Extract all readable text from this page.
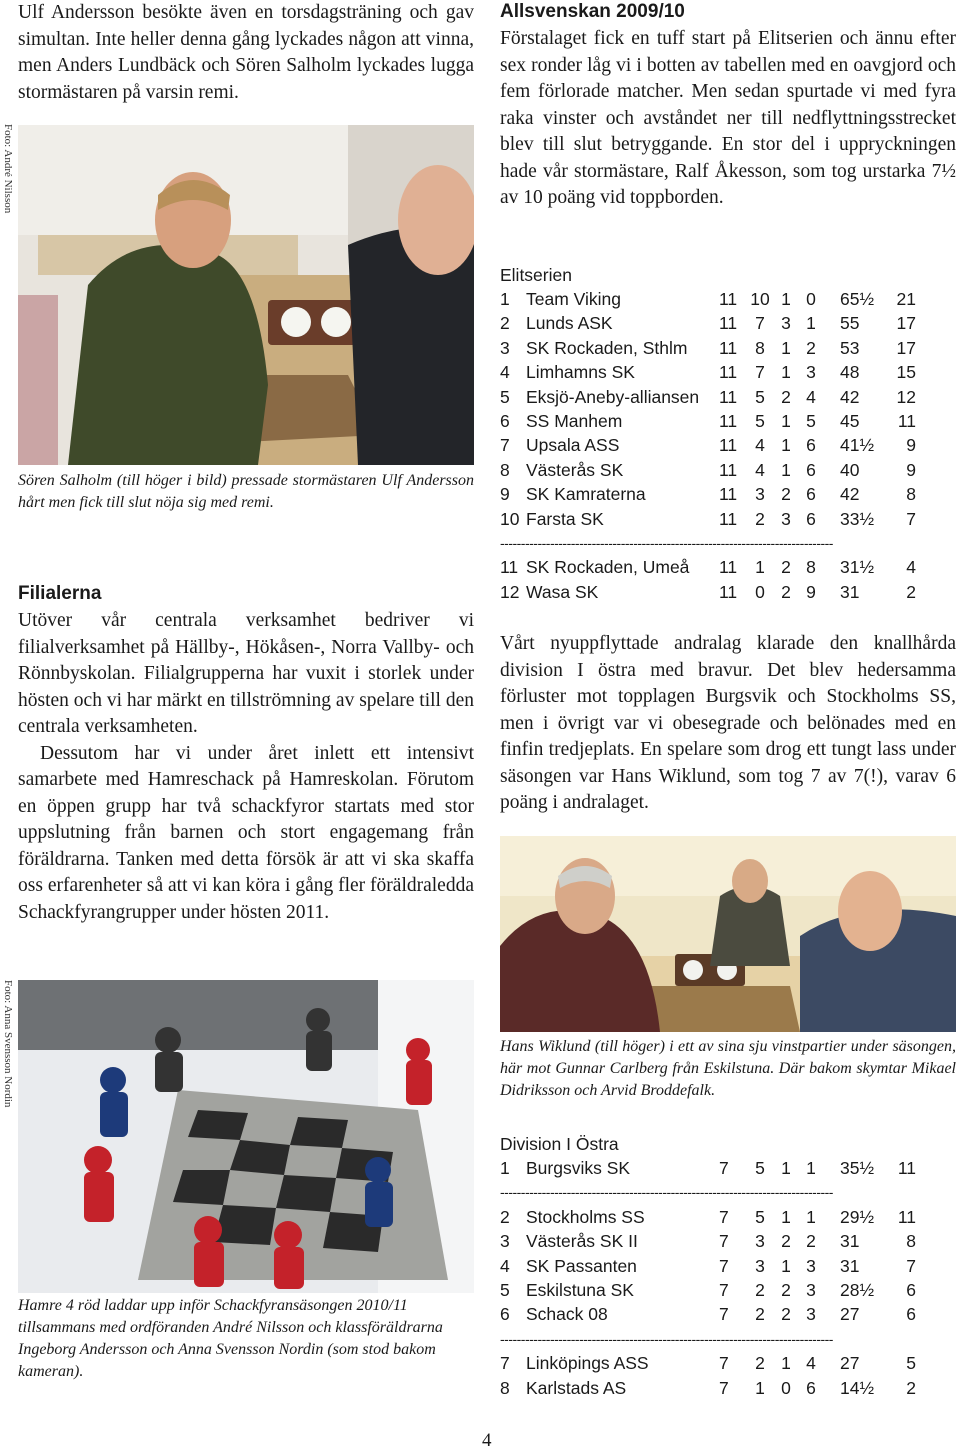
Ulf Andersson besökte även en torsdagsträning och gav simultan. Inte heller denna gång lyckades någon att vinna, men Anders Lundbäck och Sören Salholm lyckades lugga stormästaren på varsin remi.

Foto: André Nilsson
Sören Salholm (till höger i bild) pressade stormästaren Ulf Andersson hårt men fick till slut nöja sig med remi.
Filialerna

Utöver vår centrala verksamhet bedriver vi filialverksamhet på Hällby-, Hökåsen-, Norra Vallby- och Rönnbyskolan. Filialgrupperna har vuxit i storlek under hösten och vi har märkt en tillströmning av spelare till den centrala verksamheten.

Dessutom har vi under året inlett ett intensivt samarbete med Hamreschack på Hamreskolan. Förutom en öppen grupp har två schackfyror startats med stor uppslutning från barnen och stort engagemang från föräldrarna. Tanken med detta försök är att vi ska skaffa oss erfarenheter så att vi kan köra i gång fler föräldraledda Schackfyrangrupper under hösten 2011.

Foto: Anna Svensson Nordin
Hamre 4 röd laddar upp inför Schackfyransäsongen 2010/11 tillsammans med ordföranden André Nilsson och klassföräldrarna Ingeborg Andersson och Anna Svensson Nordin (som stod bakom kameran).
Allsvenskan 2009/10

Förstalaget fick en tuff start på Elitserien och ännu efter sex ronder låg vi i botten av tabellen med en oavgjord och fem förlorade matcher. Men sedan spurtade vi med fyra raka vinster och avståndet ner till nedflyttningsstrecket blev till slut betryggande. En stor del i uppryckningen hade vår stormästare, Ralf Åkesson, som tog urstarka 7½ av 10 poäng vid toppborden.

Elitserien
1 Team Viking	11 10 1 0 65½ 21
2 Lunds ASK	11 7 3 1 55 17
3 SK Rockaden, Sthlm 11 8 1 2 53 17
4 Limhamns SK	11 7 1 3 48 15
5 Eksjö-Aneby-alliansen 11 5 2 4 42 12
6 SS Manhem	11 5 1 5 45	11
7 Upsala ASS	11 4 1 6 41½	9
8 Västerås SK	11 4 1 6 40	9
9 SK Kamraterna	11 3 2 6 42	8
10 Farsta SK	11 2 3 6 33½	7
--------------------------------------------------------------------------------
11 SK Rockaden, Umeå 11 1 2 8 31½	4
12 Wasa SK	11 0 2 9 31	2

Vårt nyuppflyttade andralag klarade den knallhårda division I östra med bravur. Det blev hedersamma förluster mot topplagen Burgsvik och Stockholms SS, men i övrigt var vi obesegrade och belönades med en finfin tredjeplats. En spelare som drog ett tungt lass under säsongen var Hans Wiklund, som tog 7 av 7(!), varav 6 poäng i andralaget.

Hans Wiklund (till höger) i ett av sina sju vinstpartier under säsongen, här mot Gunnar Carlberg från Eskilstuna. Där bakom skymtar Mikael Didriksson och Arvid Broddefalk.
Division I Östra
1 Burgsviks SK	7	5 1 1 35½	11
--------------------------------------------------------------------------------
2 Stockholms SS	7	5 1 1 29½	11
3 Västerås SK II	7	3 2 2 31	8
4 SK Passanten	7	3 1 3 31	7
5 Eskilstuna SK	7	2 2 3 28½	6
6 Schack 08	7	2 2 3 27	6
--------------------------------------------------------------------------------
7 Linköpings ASS	7	2 1 4 27	5
8 Karlstads AS	7	1 0 6 14½	2
4
